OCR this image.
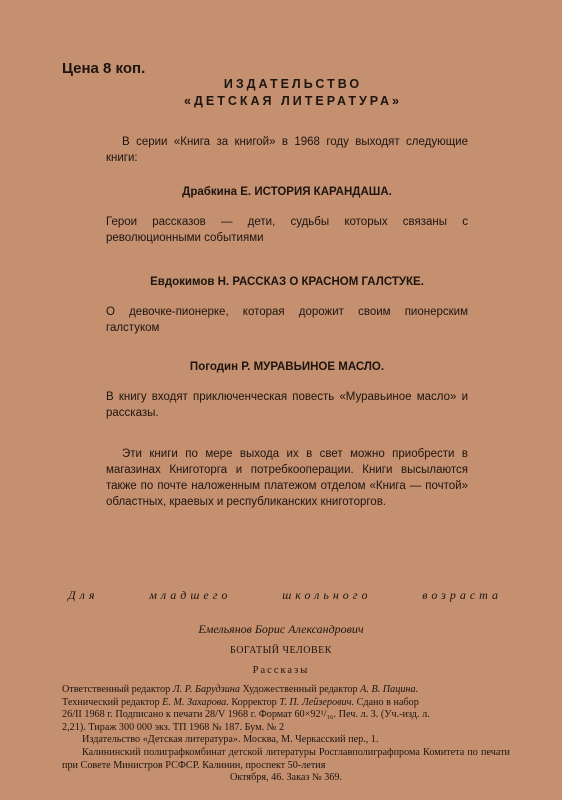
Цена 8 коп.
ИЗДАТЕЛЬСТВО
«ДЕТСКАЯ ЛИТЕРАТУРА»
В серии «Книга за книгой» в 1968 году выходят следующие книги:
Драбкина Е. ИСТОРИЯ КАРАНДАША.
Герои рассказов — дети, судьбы которых связаны с революционными событиями
Евдокимов Н. РАССКАЗ О КРАСНОМ ГАЛСТУКЕ.
О девочке-пионерке, которая дорожит своим пионерским галстуком
Погодин Р. МУРАВЬИНОЕ МАСЛО.
В книгу входят приключенческая повесть «Муравьиное масло» и рассказы.
Эти книги по мере выхода их в свет можно приобрести в магазинах Книготорга и потребкооперации. Книги высылаются также по почте наложенным платежом отделом «Книга — почтой» областных, краевых и республиканских книготоргов.
Для	младшего	школьного	возраста
Емельянов Борис Александрович
БОГАТЫЙ ЧЕЛОВЕК
Рассказы
Ответственный редактор Л. Р. Барудзина Художественный редактор А. В. Пацина.
Технический редактор Е. М. Захарова. Корректор Т. П. Лейзерович. Сдано в набор
26/II 1968 г. Подписано к печати 28/V 1968 г. Формат 60×92¹/₁₆. Печ. л. 3. (Уч.-изд. л.
2,21). Тираж 300 000 экз. ТП 1968 № 187. Бум. № 2
Издательство «Детская литература». Москва, М. Черкасский пер., 1.
Калининский полиграфкомбинат детской литературы Росглавполиграфпрома Комитета по печати при Совете Министров РСФСР. Калинин, проспект 50-летия
Октября, 46. Заказ № 369.
